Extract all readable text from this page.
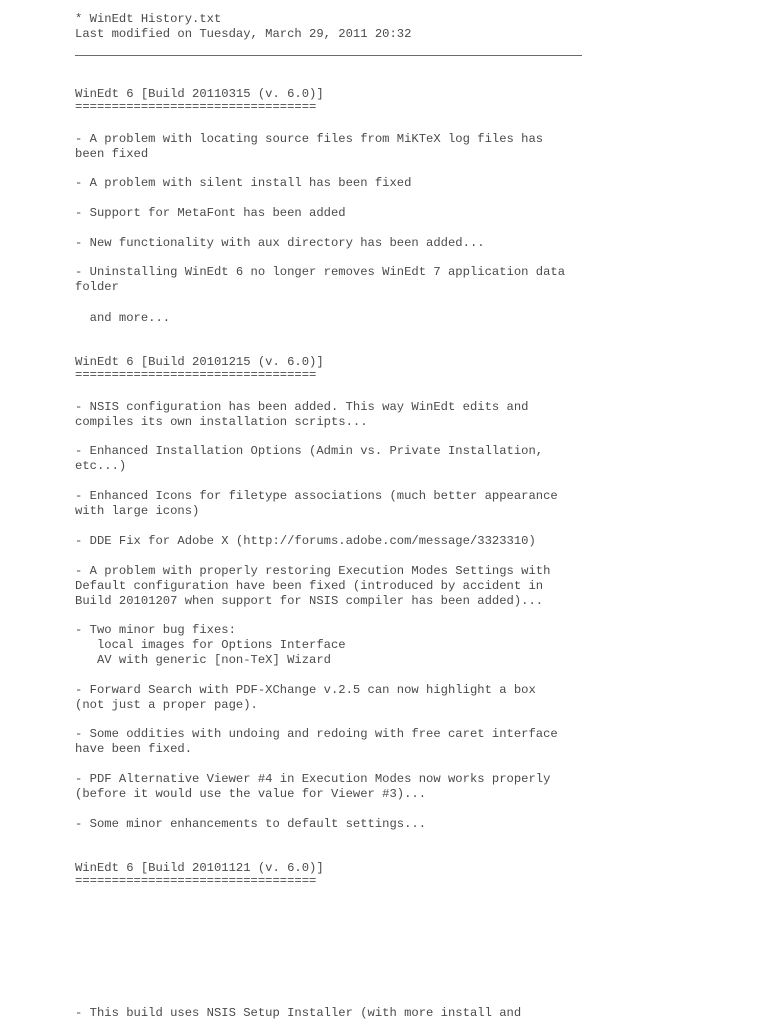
* WinEdt History.txt
Last modified on Tuesday, March 29, 2011 20:32
WinEdt 6 [Build 20110315 (v. 6.0)]
=================================
- A problem with locating source files from MiKTeX log files has
been fixed
- A problem with silent install has been fixed
- Support for MetaFont has been added
- New functionality with aux directory has been added...
- Uninstalling WinEdt 6 no longer removes WinEdt 7 application data
folder
and more...
WinEdt 6 [Build 20101215 (v. 6.0)]
=================================
- NSIS configuration has been added. This way WinEdt edits and
compiles its own installation scripts...
- Enhanced Installation Options (Admin vs. Private Installation,
etc...)
- Enhanced Icons for filetype associations (much better appearance
with large icons)
- DDE Fix for Adobe X (http://forums.adobe.com/message/3323310)
- A problem with properly restoring Execution Modes Settings with
Default configuration have been fixed (introduced by accident in
Build 20101207 when support for NSIS compiler has been added)...
- Two minor bug fixes:
local images for Options Interface
AV with generic [non-TeX] Wizard
- Forward Search with PDF-XChange v.2.5 can now highlight a box
(not just a proper page).
- Some oddities with undoing and redoing with free caret interface
have been fixed.
- PDF Alternative Viewer #4 in Execution Modes now works properly
(before it would use the value for Viewer #3)...
- Some minor enhancements to default settings...
WinEdt 6 [Build 20101121 (v. 6.0)]
=================================
- This build uses NSIS Setup Installer (with more install and
